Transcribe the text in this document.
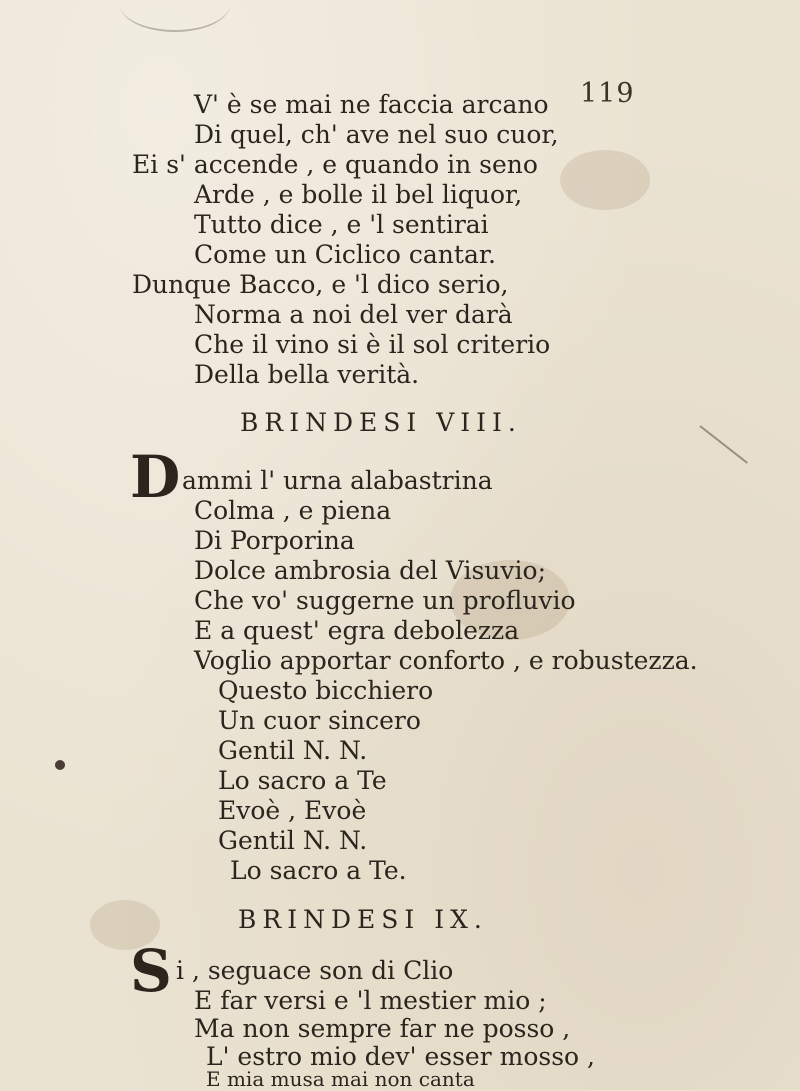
119
V' è se mai ne faccia arcano
Di quel, ch' ave nel suo cuor,
Ei s' accende , e quando in seno
Arde , e bolle il bel liquor,
Tutto dice , e 'l sentirai
Come un Ciclico cantar.
Dunque Bacco, e 'l dico serio,
Norma a noi del ver darà
Che il vino si è il sol criterio
Della bella verità.
BRINDESI VIII.
D ammi l' urna alabastrina
Colma , e piena
Di Porporina
Dolce ambrosia del Visuvio;
Che vo' suggerne un profluvio
E a quest' egra debolezza
Voglio apportar conforto , e robustezza.
Questo bicchiero
Un cuor sincero
Gentil N. N.
Lo sacro a Te
Evoè , Evoè
Gentil N. N.
Lo sacro a Te.
BRINDESI IX.
S i , seguace son di Clio
E far versi e 'l mestier mio ;
Ma non sempre far ne posso ,
L' estro mio dev' esser mosso ,
E mia musa mai non canta
